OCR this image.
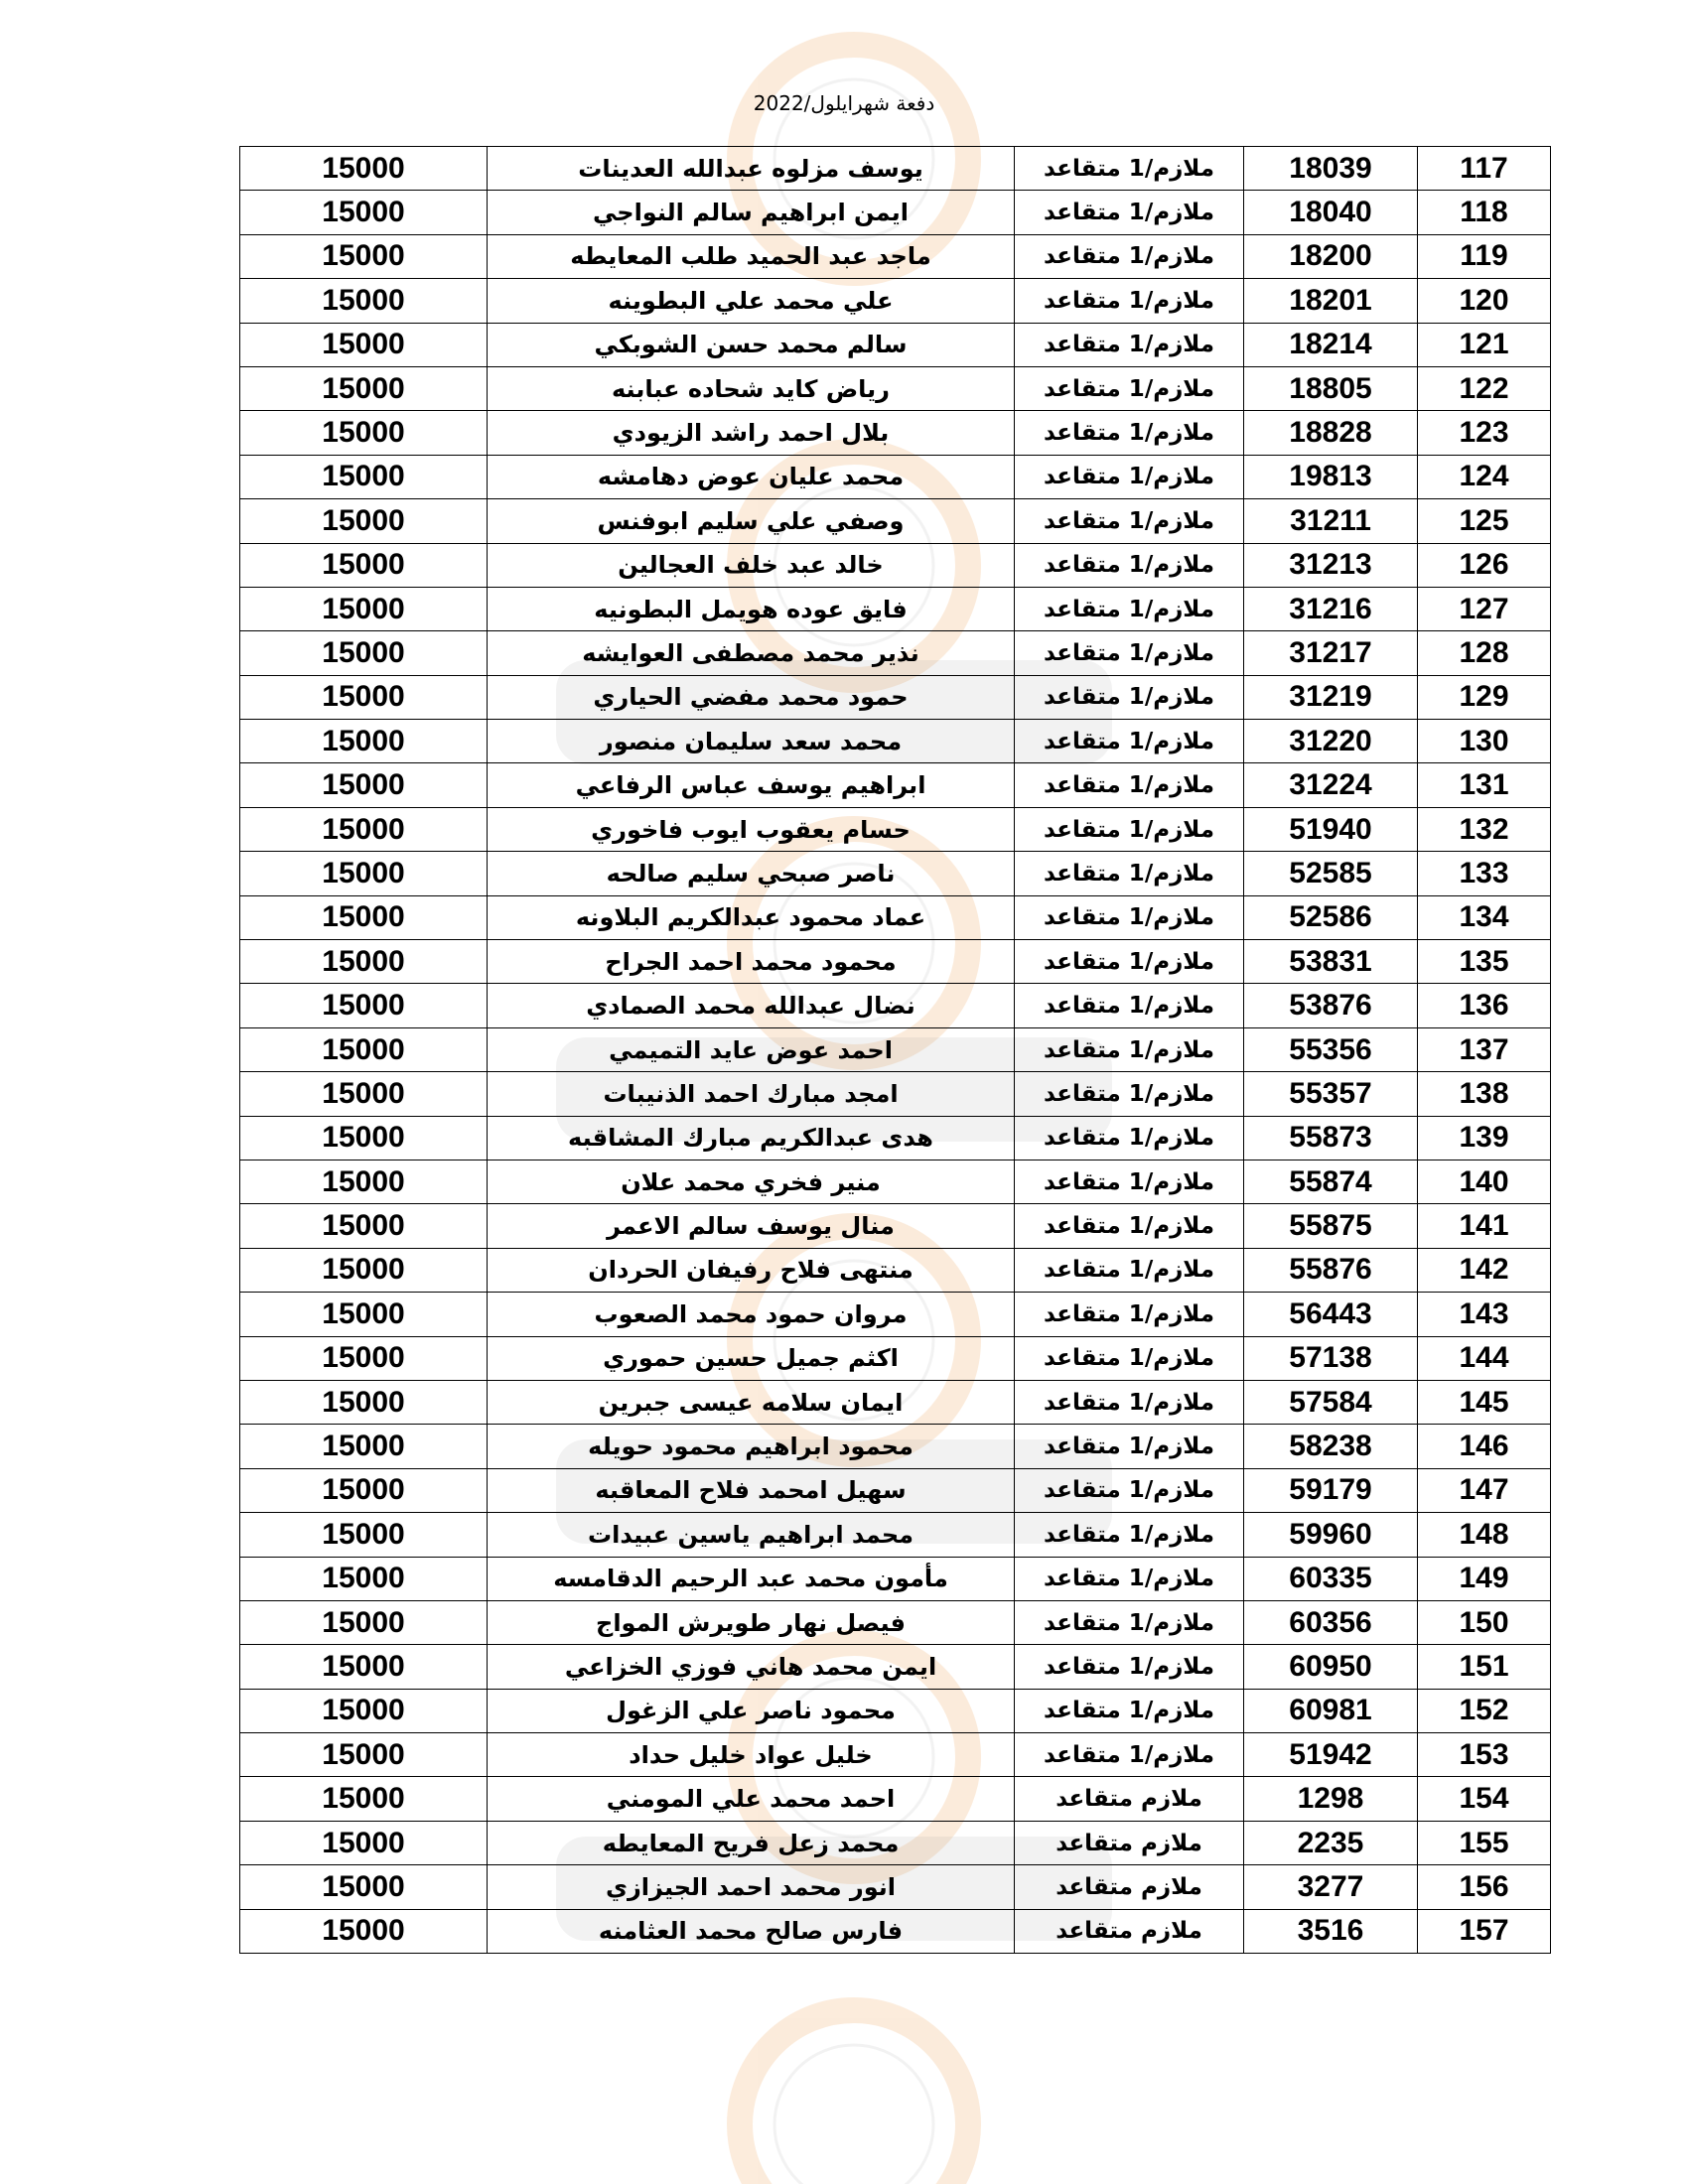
دفعة شهرايلول/2022
15000	يوسف مزلوه عبدالله العدينات	ملازم/1 متقاعد	18039	117
15000	ايمن ابراهيم سالم النواجي	ملازم/1 متقاعد	18040	118
15000	ماجد عبد الحميد طلب المعايطه	ملازم/1 متقاعد	18200	119
15000	علي محمد علي البطوينه	ملازم/1 متقاعد	18201	120
15000	سالم محمد حسن الشوبكي	ملازم/1 متقاعد	18214	121
15000	رياض كايد شحاده عبابنه	ملازم/1 متقاعد	18805	122
15000	بلال احمد راشد الزيودي	ملازم/1 متقاعد	18828	123
15000	محمد عليان عوض دهامشه	ملازم/1 متقاعد	19813	124
15000	وصفي علي سليم ابوفنس	ملازم/1 متقاعد	31211	125
15000	خالد عبد خلف العجالين	ملازم/1 متقاعد	31213	126
15000	فايق عوده هويمل البطونيه	ملازم/1 متقاعد	31216	127
15000	نذير محمد مصطفى العوايشه	ملازم/1 متقاعد	31217	128
15000	حمود محمد مفضي الحياري	ملازم/1 متقاعد	31219	129
15000	محمد سعد سليمان منصور	ملازم/1 متقاعد	31220	130
15000	ابراهيم يوسف عباس الرفاعي	ملازم/1 متقاعد	31224	131
15000	حسام يعقوب ايوب فاخوري	ملازم/1 متقاعد	51940	132
15000	ناصر صبحي سليم صالحه	ملازم/1 متقاعد	52585	133
15000	عماد محمود عبدالكريم البلاونه	ملازم/1 متقاعد	52586	134
15000	محمود محمد احمد الجراح	ملازم/1 متقاعد	53831	135
15000	نضال عبدالله محمد الصمادي	ملازم/1 متقاعد	53876	136
15000	احمد عوض عايد التميمي	ملازم/1 متقاعد	55356	137
15000	امجد مبارك احمد الذنيبات	ملازم/1 متقاعد	55357	138
15000	هدى عبدالكريم مبارك المشاقبه	ملازم/1 متقاعد	55873	139
15000	منير فخري محمد علان	ملازم/1 متقاعد	55874	140
15000	منال يوسف سالم الاعمر	ملازم/1 متقاعد	55875	141
15000	منتهى فلاح رفيفان الحردان	ملازم/1 متقاعد	55876	142
15000	مروان حمود محمد الصعوب	ملازم/1 متقاعد	56443	143
15000	اكثم جميل حسين حموري	ملازم/1 متقاعد	57138	144
15000	ايمان سلامه عيسى جبرين	ملازم/1 متقاعد	57584	145
15000	محمود ابراهيم محمود حويله	ملازم/1 متقاعد	58238	146
15000	سهيل امحمد فلاح المعاقبه	ملازم/1 متقاعد	59179	147
15000	محمد ابراهيم ياسين عبيدات	ملازم/1 متقاعد	59960	148
15000	مأمون محمد عبد الرحيم الدقامسه	ملازم/1 متقاعد	60335	149
15000	فيصل نهار طويرش المواج	ملازم/1 متقاعد	60356	150
15000	ايمن محمد هاني فوزي الخزاعي	ملازم/1 متقاعد	60950	151
15000	محمود ناصر علي الزغول	ملازم/1 متقاعد	60981	152
15000	خليل عواد خليل حداد	ملازم/1 متقاعد	51942	153
15000	احمد محمد علي المومني	ملازم متقاعد	1298	154
15000	محمد زعل فريح المعايطه	ملازم متقاعد	2235	155
15000	انور محمد احمد الجيزازي	ملازم متقاعد	3277	156
15000	فارس صالح محمد العثامنه	ملازم متقاعد	3516	157
